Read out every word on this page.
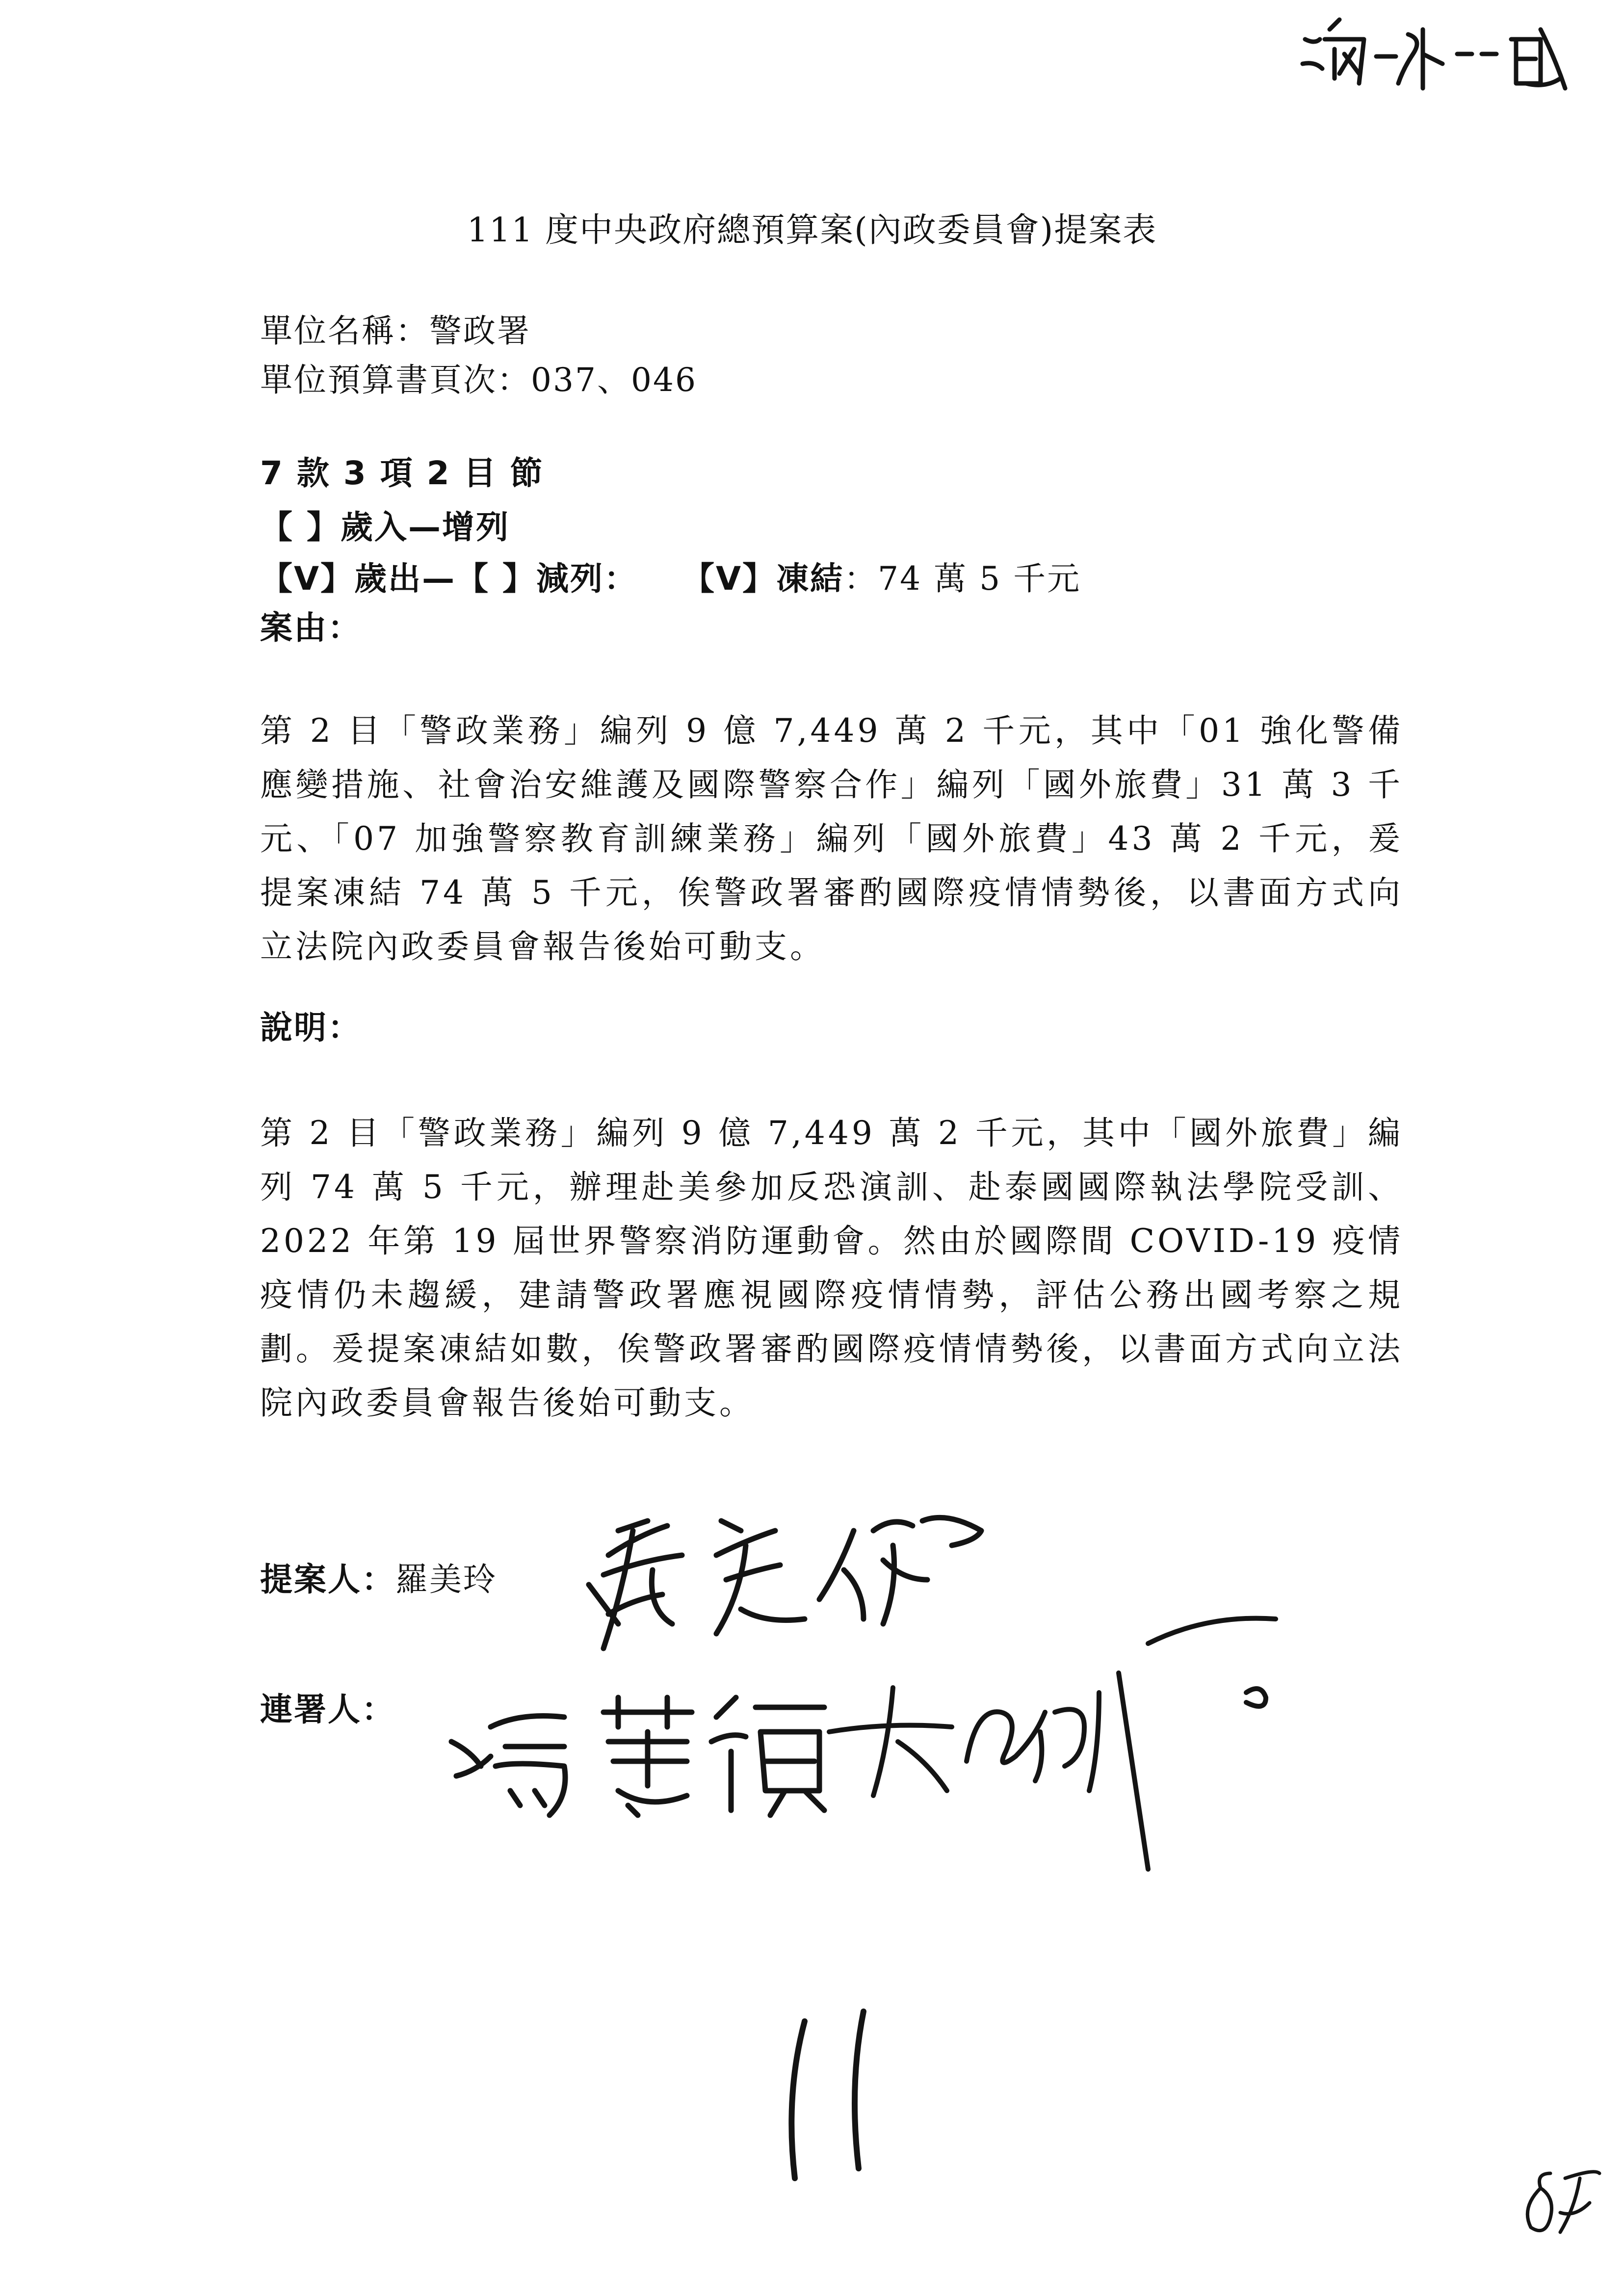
111 度中央政府總預算案(內政委員會)提案表
單位名稱：警政署
單位預算書頁次：037、046
7 款 3 項 2 目 節
【 】歲入—增列
【V】歲出—【 】減列： 【V】凍結：74 萬 5 千元
案由：

第 2 目「警政業務」編列 9 億 7,449 萬 2 千元，其中「01 強化警備應變措施、社會治安維護及國際警察合作」編列「國外旅費」31 萬 3 千元、「07 加強警察教育訓練業務」編列「國外旅費」43 萬 2 千元，爰提案凍結 74 萬 5 千元，俟警政署審酌國際疫情情勢後，以書面方式向立法院內政委員會報告後始可動支。

說明：

第 2 目「警政業務」編列 9 億 7,449 萬 2 千元，其中「國外旅費」編列 74 萬 5 千元，辦理赴美參加反恐演訓、赴泰國國際執法學院受訓、2022 年第 19 屆世界警察消防運動會。然由於國際間 COVID-19 疫情疫情仍未趨緩，建請警政署應視國際疫情情勢，評估公務出國考察之規劃。爰提案凍結如數，俟警政署審酌國際疫情情勢後，以書面方式向立法院內政委員會報告後始可動支。

提案人：羅美玲
連署人：
